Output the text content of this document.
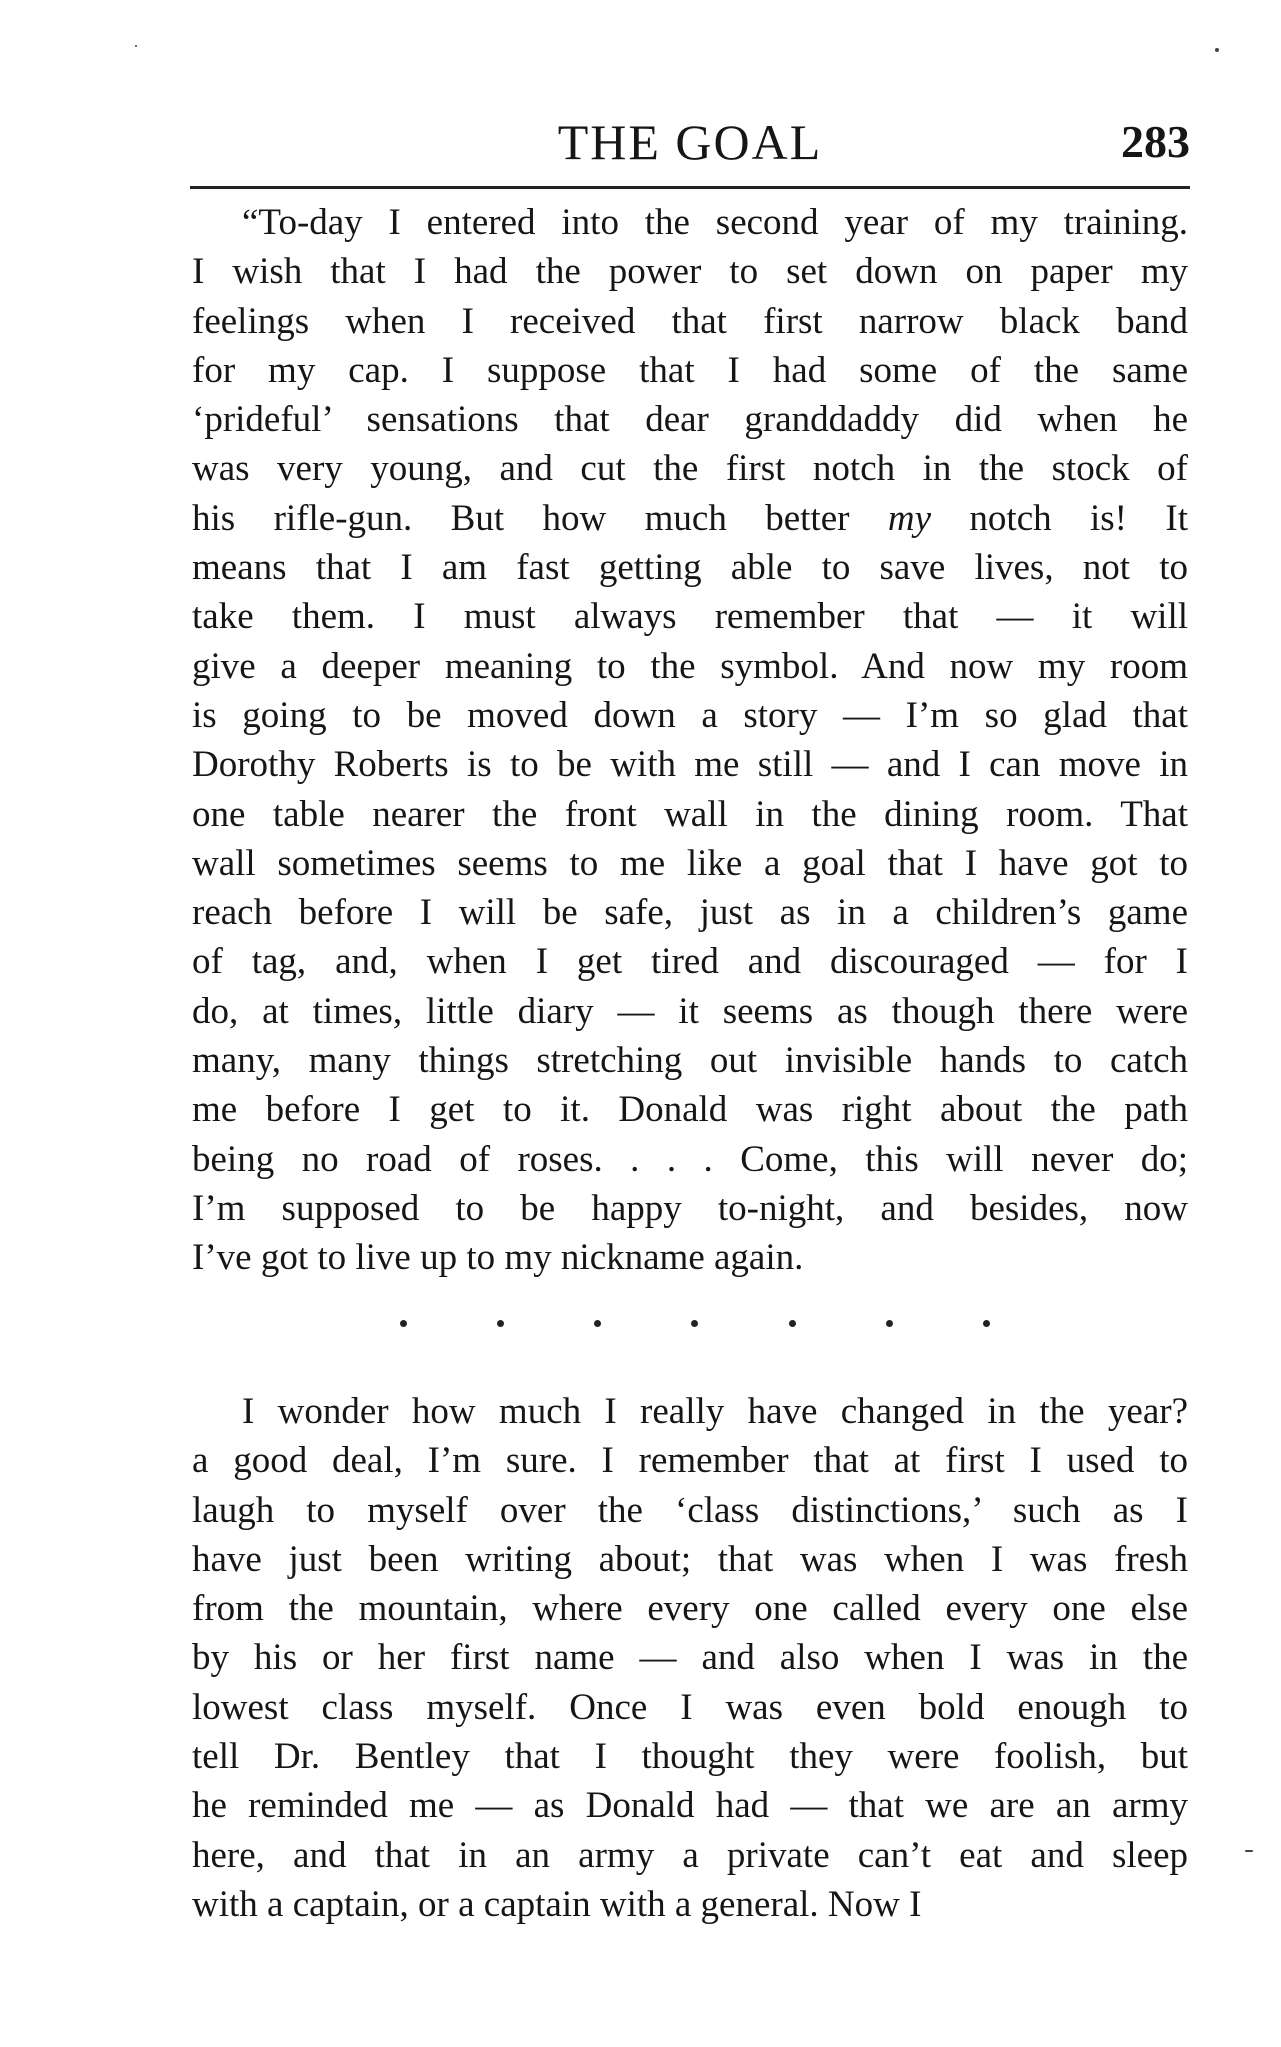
THE GOAL	283
“To-day I entered into the second year of my training.
I wish that I had the power to set down on paper my
feelings when I received that first narrow black band
for my cap. I suppose that I had some of the same
‘prideful’ sensations that dear granddaddy did when he
was very young, and cut the first notch in the stock of
his rifle-gun. But how much better my notch is! It
means that I am fast getting able to save lives, not to
take them. I must always remember that — it will
give a deeper meaning to the symbol. And now my room
is going to be moved down a story — I’m so glad that
Dorothy Roberts is to be with me still — and I can move in
one table nearer the front wall in the dining room. That
wall sometimes seems to me like a goal that I have got to
reach before I will be safe, just as in a children’s game
of tag, and, when I get tired and discouraged — for I
do, at times, little diary — it seems as though there were
many, many things stretching out invisible hands to catch
me before I get to it. Donald was right about the path
being no road of roses. . . . Come, this will never do;
I’m supposed to be happy to-night, and besides, now
I’ve got to live up to my nickname again.
I wonder how much I really have changed in the year?
a good deal, I’m sure. I remember that at first I used to
laugh to myself over the ‘class distinctions,’ such as I
have just been writing about; that was when I was fresh
from the mountain, where every one called every one else
by his or her first name — and also when I was in the
lowest class myself. Once I was even bold enough to
tell Dr. Bentley that I thought they were foolish, but
he reminded me — as Donald had — that we are an army
here, and that in an army a private can’t eat and sleep
with a captain, or a captain with a general. Now I
